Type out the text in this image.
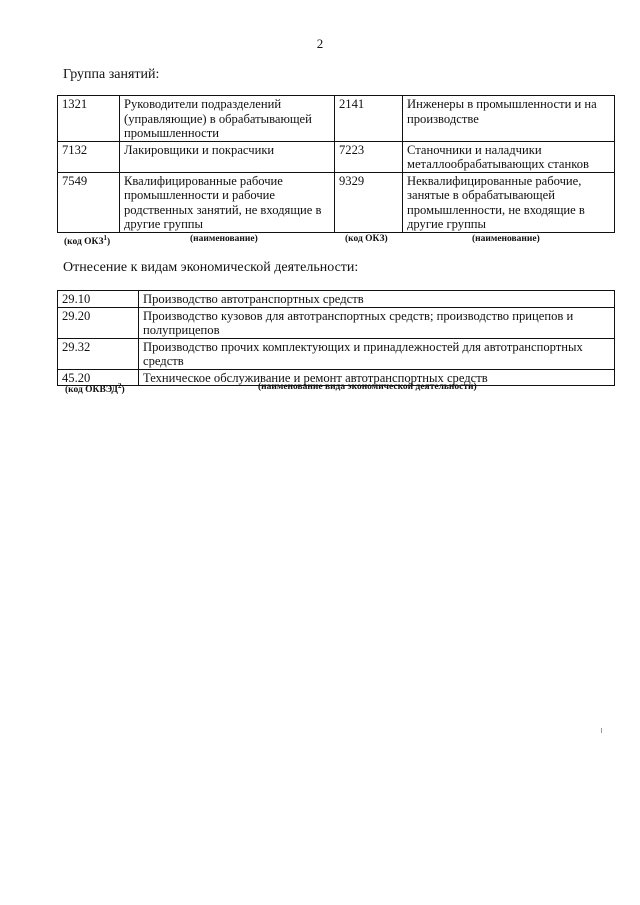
2
Группа занятий:
1321	Руководители подразделений (управляющие) в обрабатывающей промышленности	2141	Инженеры в промышленности и на производстве
7132	Лакировщики и покрасчики	7223	Станочники и наладчики металлообрабатывающих станков
7549	Квалифицированные рабочие промышленности и рабочие родственных занятий, не входящие в другие группы	9329	Неквалифицированные рабочие, занятые в обрабатывающей промышленности, не входящие в другие группы
(код ОКЗ$^1$)	(наименование)	(код ОКЗ)	(наименование)
Отнесение к видам экономической деятельности:
29.10	Производство автотранспортных средств
29.20	Производство кузовов для автотранспортных средств; производство прицепов и полуприцепов
29.32	Производство прочих комплектующих и принадлежностей для автотранспортных средств
45.20	Техническое обслуживание и ремонт автотранспортных средств
(код ОКВЭД$^2$)	(наименование вида экономической деятельности)
